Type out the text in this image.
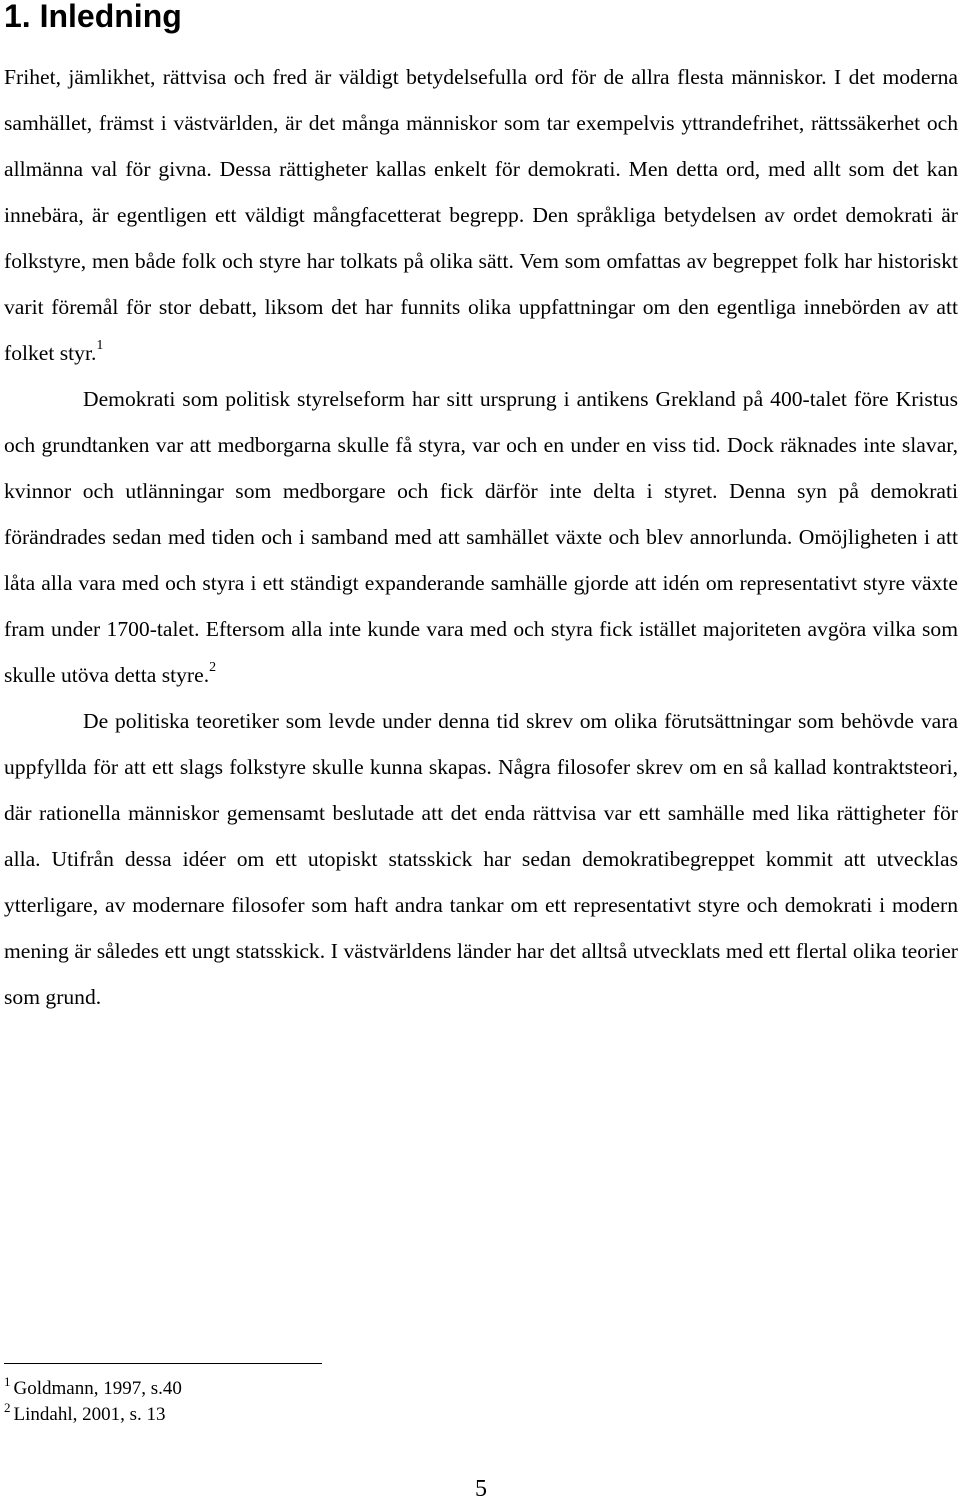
1. Inledning

Frihet, jämlikhet, rättvisa och fred är väldigt betydelsefulla ord för de allra flesta människor. I det moderna samhället, främst i västvärlden, är det många människor som tar exempelvis yttrandefrihet, rättssäkerhet och allmänna val för givna. Dessa rättigheter kallas enkelt för demokrati. Men detta ord, med allt som det kan innebära, är egentligen ett väldigt mångfacetterat begrepp. Den språkliga betydelsen av ordet demokrati är folkstyre, men både folk och styre har tolkats på olika sätt. Vem som omfattas av begreppet folk har historiskt varit föremål för stor debatt, liksom det har funnits olika uppfattningar om den egentliga innebörden av att folket styr.$^1$

Demokrati som politisk styrelseform har sitt ursprung i antikens Grekland på 400-talet före Kristus och grundtanken var att medborgarna skulle få styra, var och en under en viss tid. Dock räknades inte slavar, kvinnor och utlänningar som medborgare och fick därför inte delta i styret. Denna syn på demokrati förändrades sedan med tiden och i samband med att samhället växte och blev annorlunda. Omöjligheten i att låta alla vara med och styra i ett ständigt expanderande samhälle gjorde att idén om representativt styre växte fram under 1700-talet. Eftersom alla inte kunde vara med och styra fick istället majoriteten avgöra vilka som skulle utöva detta styre.$^2$

De politiska teoretiker som levde under denna tid skrev om olika förutsättningar som behövde vara uppfyllda för att ett slags folkstyre skulle kunna skapas. Några filosofer skrev om en så kallad kontraktsteori, där rationella människor gemensamt beslutade att det enda rättvisa var ett samhälle med lika rättigheter för alla. Utifrån dessa idéer om ett utopiskt statsskick har sedan demokratibegreppet kommit att utvecklas ytterligare, av modernare filosofer som haft andra tankar om ett representativt styre och demokrati i modern mening är således ett ungt statsskick. I västvärldens länder har det alltså utvecklats med ett flertal olika teorier som grund.

$^1$ Goldmann, 1997, s.40
$^2$ Lindahl, 2001, s. 13
5
